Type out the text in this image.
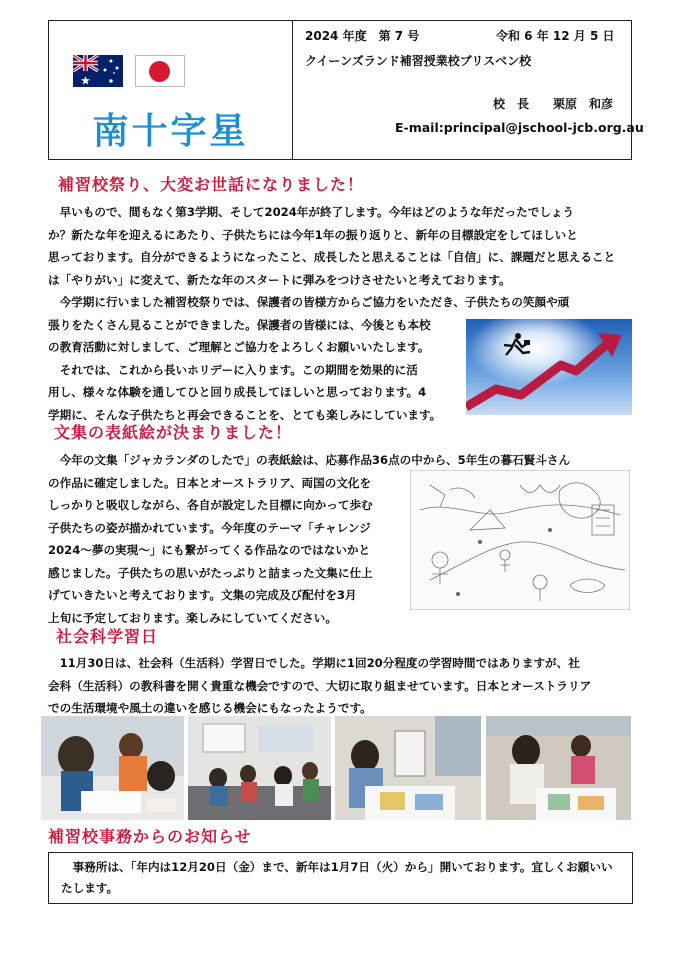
南十字星
2024 年度　第 7 号	令和 6 年 12 月 5 日
クイーンズランド補習授業校ブリスベン校
校　長　　栗原　和彦
E-mail:principal@jschool-jcb.org.au
補習校祭り、大変お世話になりました！

　早いもので、間もなく第3学期、そして2024年が終了します。今年はどのような年だったでしょう

か？新たな年を迎えるにあたり、子供たちには今年1年の振り返りと、新年の目標設定をしてほしいと

思っております。自分ができるようになったこと、成長したと思えることは「自信」に、課題だと思えること

は「やりがい」に変えて、新たな年のスタートに弾みをつけさせたいと考えております。

　今学期に行いました補習校祭りでは、保護者の皆様方からご協力をいただき、子供たちの笑顔や頑

張りをたくさん見ることができました。保護者の皆様には、今後とも本校

の教育活動に対しまして、ご理解とご協力をよろしくお願いいたします。

　それでは、これから長いホリデーに入ります。この期間を効果的に活

用し、様々な体験を通してひと回り成長してほしいと思っております。4

学期に、そんな子供たちと再会できることを、とても楽しみにしています。

文集の表紙絵が決まりました！

　今年の文集「ジャカランダのしたで」の表紙絵は、応募作品36点の中から、5年生の暮石賢斗さん

の作品に確定しました。日本とオーストラリア、両国の文化を

しっかりと吸収しながら、各自が設定した目標に向かって歩む

子供たちの姿が描かれています。今年度のテーマ「チャレンジ

2024～夢の実現～」にも繋がってくる作品なのではないかと

感じました。子供たちの思いがたっぷりと詰まった文集に仕上

げていきたいと考えております。文集の完成及び配付を3月

上旬に予定しております。楽しみにしていてください。

社会科学習日

　11月30日は、社会科（生活科）学習日でした。学期に1回20分程度の学習時間ではありますが、社

会科（生活科）の教科書を開く貴重な機会ですので、大切に取り組ませています。日本とオーストラリア

での生活環境や風土の違いを感じる機会にもなったようです。

補習校事務からのお知らせ
　事務所は、「年内は12月20日（金）まで、新年は1月7日（火）から」開いております。宜しくお願いいたします。
